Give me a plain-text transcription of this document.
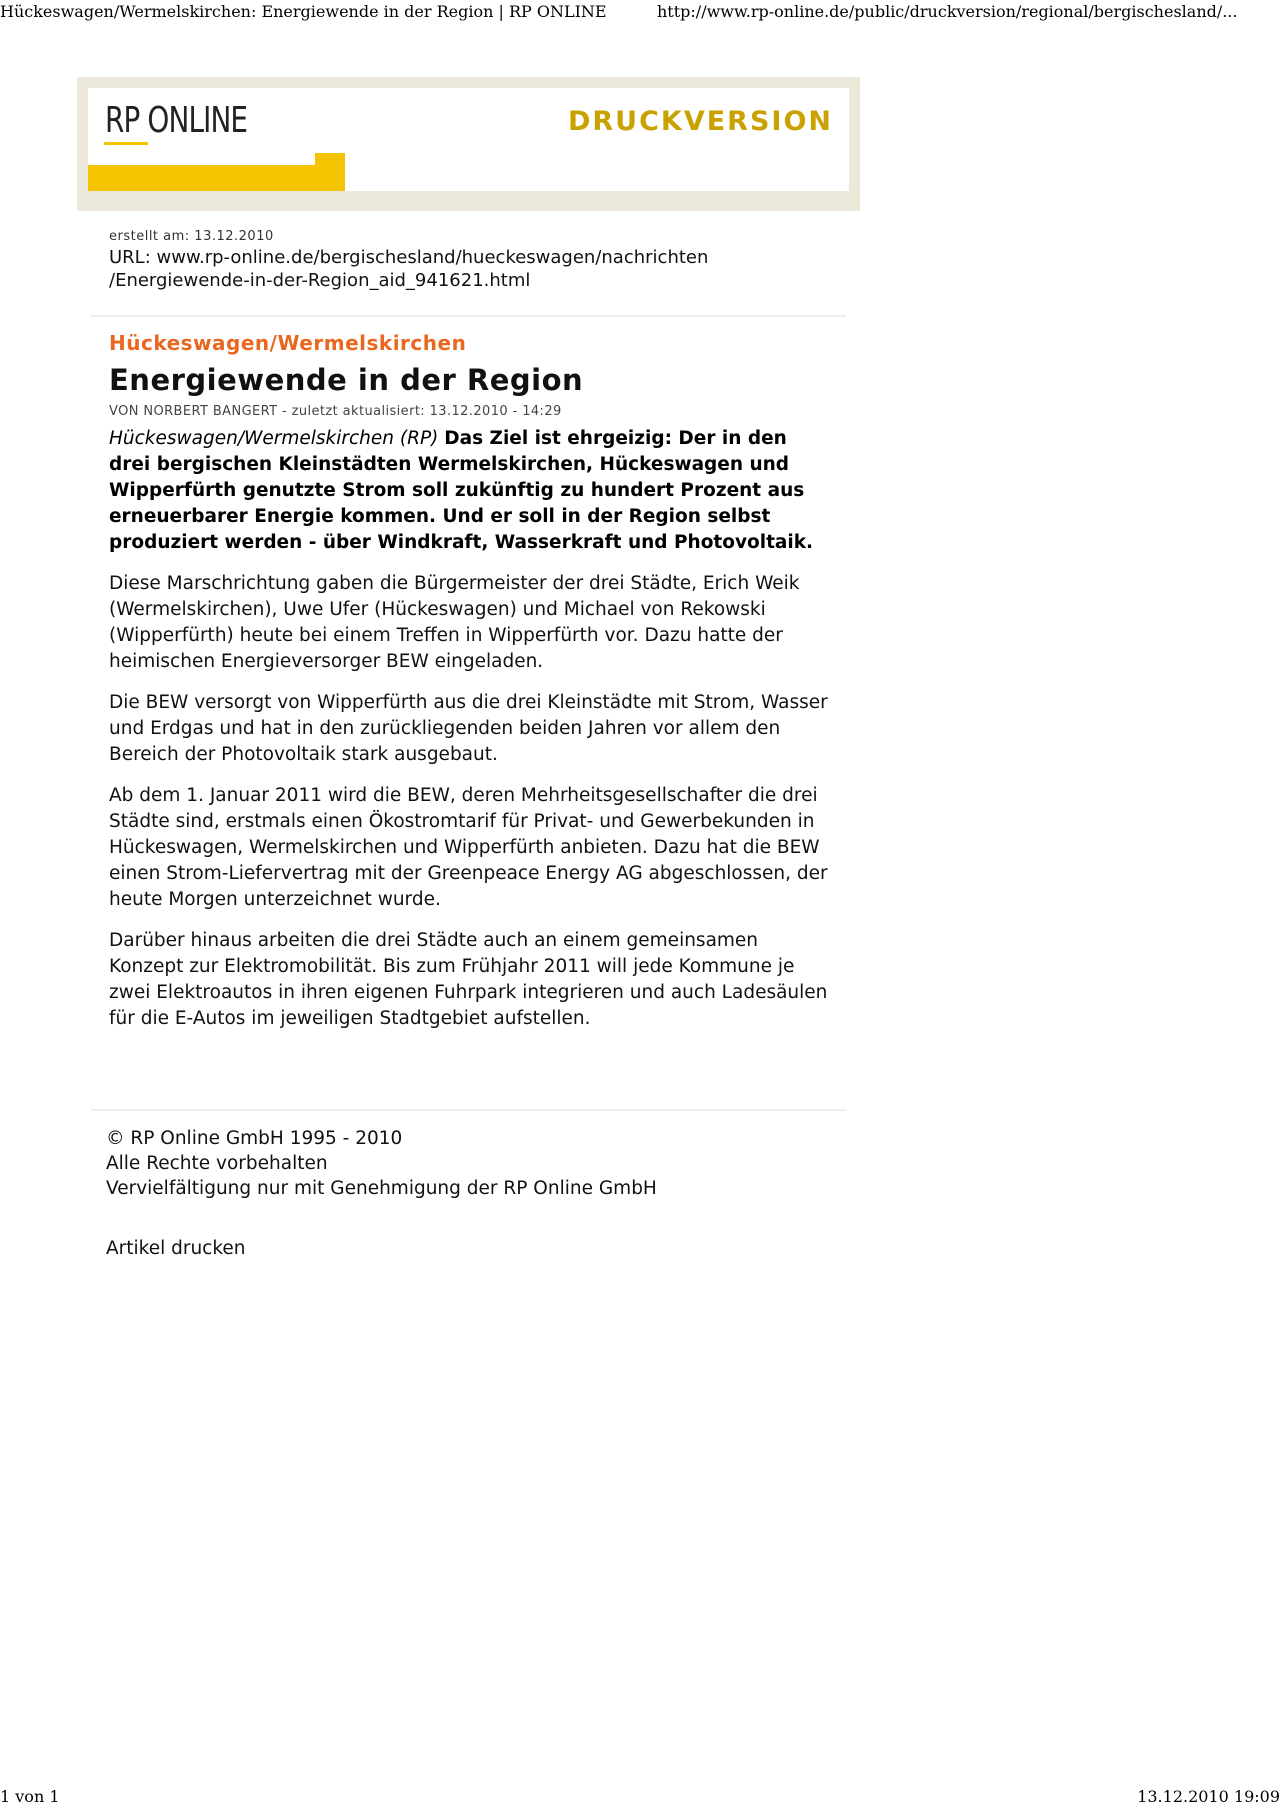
Hückeswagen/Wermelskirchen: Energiewende in der Region | RP ONLINE	http://www.rp-online.de/public/druckversion/regional/bergischesland/...
RP ONLINE	DRUCKVERSION
erstellt am: 13.12.2010
URL: www.rp-online.de/bergischesland/hueckeswagen/nachrichten
/Energiewende-in-der-Region_aid_941621.html
Hückeswagen/Wermelskirchen
Energiewende in der Region
VON NORBERT BANGERT - zuletzt aktualisiert: 13.12.2010 - 14:29

Hückeswagen/Wermelskirchen (RP) Das Ziel ist ehrgeizig: Der in den drei bergischen Kleinstädten Wermelskirchen, Hückeswagen und Wipperfürth genutzte Strom soll zukünftig zu hundert Prozent aus erneuerbarer Energie kommen. Und er soll in der Region selbst produziert werden - über Windkraft, Wasserkraft und Photovoltaik.

Diese Marschrichtung gaben die Bürgermeister der drei Städte, Erich Weik (Wermelskirchen), Uwe Ufer (Hückeswagen) und Michael von Rekowski (Wipperfürth) heute bei einem Treffen in Wipperfürth vor. Dazu hatte der heimischen Energieversorger BEW eingeladen.

Die BEW versorgt von Wipperfürth aus die drei Kleinstädte mit Strom, Wasser und Erdgas und hat in den zurückliegenden beiden Jahren vor allem den Bereich der Photovoltaik stark ausgebaut.

Ab dem 1. Januar 2011 wird die BEW, deren Mehrheitsgesellschafter die drei Städte sind, erstmals einen Ökostromtarif für Privat- und Gewerbekunden in Hückeswagen, Wermelskirchen und Wipperfürth anbieten. Dazu hat die BEW einen Strom-Liefervertrag mit der Greenpeace Energy AG abgeschlossen, der heute Morgen unterzeichnet wurde.

Darüber hinaus arbeiten die drei Städte auch an einem gemeinsamen Konzept zur Elektromobilität. Bis zum Frühjahr 2011 will jede Kommune je zwei Elektroautos in ihren eigenen Fuhrpark integrieren und auch Ladesäulen für die E-Autos im jeweiligen Stadtgebiet aufstellen.

© RP Online GmbH 1995 - 2010
Alle Rechte vorbehalten
Vervielfältigung nur mit Genehmigung der RP Online GmbH
Artikel drucken
1 von 1	13.12.2010 19:09
